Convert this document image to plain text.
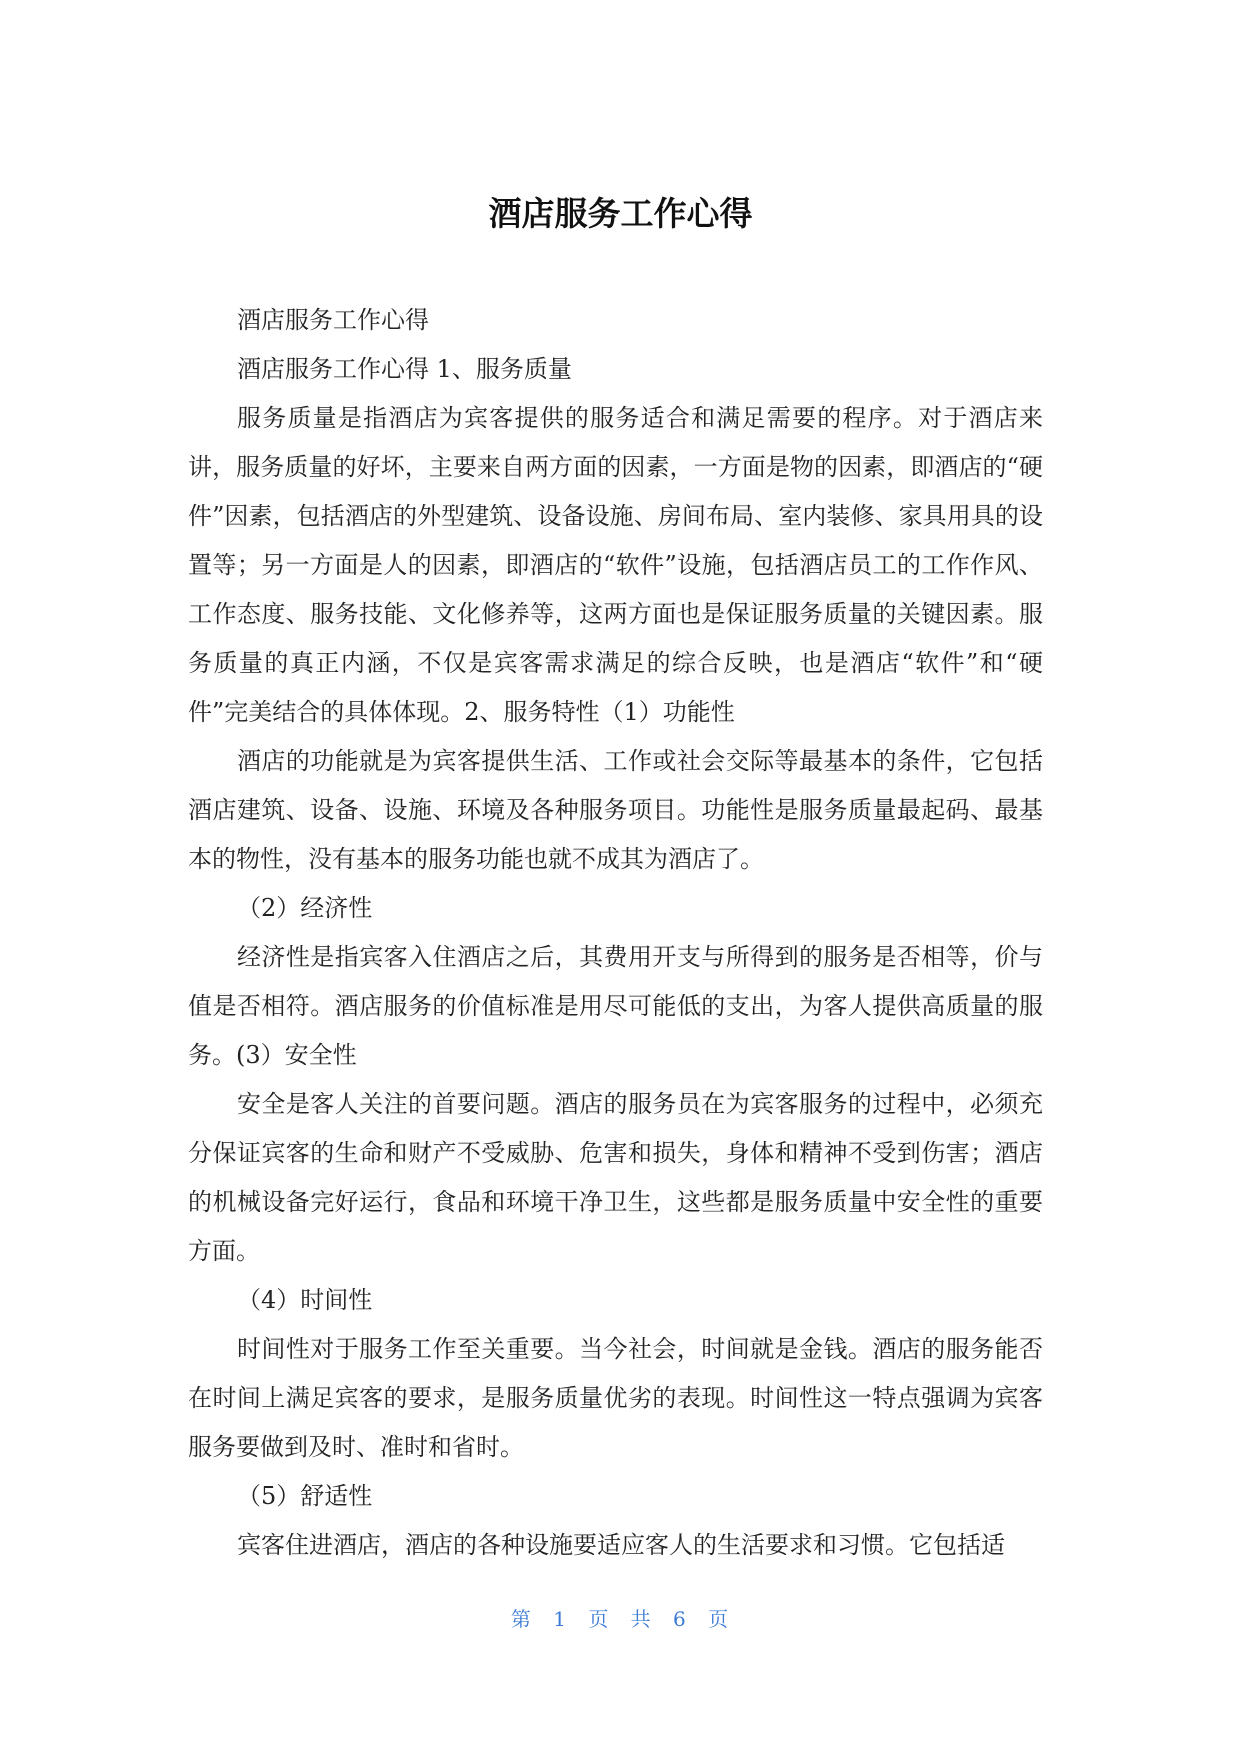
酒店服务工作心得

酒店服务工作心得

酒店服务工作心得 1、服务质量

服务质量是指酒店为宾客提供的服务适合和满足需要的程序。对于酒店来讲，服务质量的好坏，主要来自两方面的因素，一方面是物的因素，即酒店的“硬件”因素，包括酒店的外型建筑、设备设施、房间布局、室内装修、家具用具的设置等；另一方面是人的因素，即酒店的“软件”设施，包括酒店员工的工作作风、工作态度、服务技能、文化修养等，这两方面也是保证服务质量的关键因素。服务质量的真正内涵，不仅是宾客需求满足的综合反映，也是酒店“软件”和“硬件”完美结合的具体体现。2、服务特性（1）功能性

酒店的功能就是为宾客提供生活、工作或社会交际等最基本的条件，它包括酒店建筑、设备、设施、环境及各种服务项目。功能性是服务质量最起码、最基本的物性，没有基本的服务功能也就不成其为酒店了。

（2）经济性

经济性是指宾客入住酒店之后，其费用开支与所得到的服务是否相等，价与值是否相符。酒店服务的价值标准是用尽可能低的支出，为客人提供高质量的服务。(3）安全性

安全是客人关注的首要问题。酒店的服务员在为宾客服务的过程中，必须充分保证宾客的生命和财产不受威胁、危害和损失，身体和精神不受到伤害；酒店的机械设备完好运行，食品和环境干净卫生，这些都是服务质量中安全性的重要方面。

（4）时间性

时间性对于服务工作至关重要。当今社会，时间就是金钱。酒店的服务能否在时间上满足宾客的要求，是服务质量优劣的表现。时间性这一特点强调为宾客服务要做到及时、准时和省时。

（5）舒适性

宾客住进酒店，酒店的各种设施要适应客人的生活要求和习惯。它包括适

第 1 页 共 6 页
